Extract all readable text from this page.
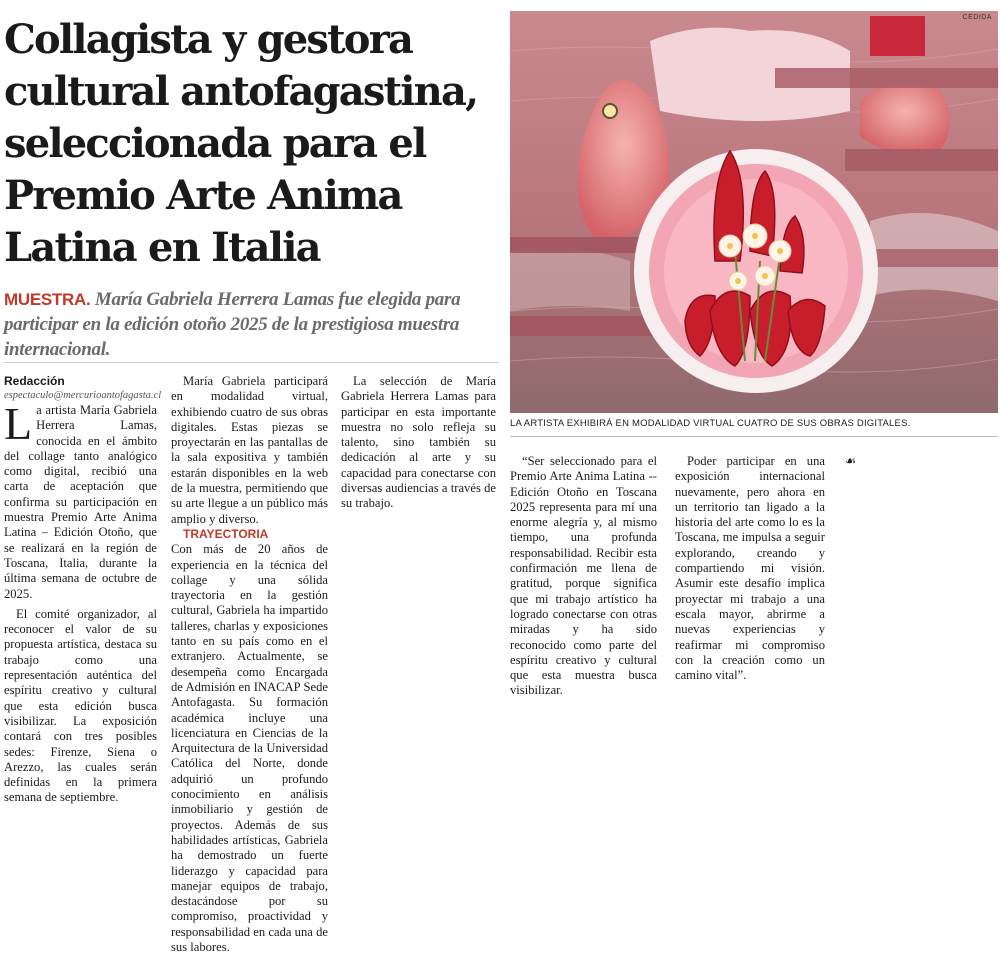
Collagista y gestora
cultural antofagastina,
seleccionada para el
Premio Arte Anima
Latina en Italia

MUESTRA. María Gabriela Herrera Lamas fue elegida para participar en la edición otoño 2025 de la prestigiosa muestra internacional.

CEDIDA
LA ARTISTA EXHIBIRÁ EN MODALIDAD VIRTUAL CUATRO DE SUS OBRAS DIGITALES.

Redacción

espectaculo@mercurioantofagasta.cl

La artista María Gabriela Herrera Lamas, conocida en el ámbito del collage tanto analógico como digital, recibió una carta de aceptación que confirma su participación en muestra Premio Arte Anima Latina – Edición Otoño, que se realizará en la región de Toscana, Italia, durante la última semana de octubre de 2025.

El comité organizador, al reconocer el valor de su propuesta artística, destaca su trabajo como una representación auténtica del espíritu creativo y cultural que esta edición busca visibilizar. La exposición contará con tres posibles sedes: Firenze, Siena o Arezzo, las cuales serán definidas en la primera semana de septiembre.

María Gabriela participará en modalidad virtual, exhibiendo cuatro de sus obras digitales. Estas piezas se proyectarán en las pantallas de la sala expositiva y también estarán disponibles en la web de la muestra, permitiendo que su arte llegue a un público más amplio y diverso.

TRAYECTORIA

Con más de 20 años de experiencia en la técnica del collage y una sólida trayectoria en la gestión cultural, Gabriela ha impartido talleres, charlas y exposiciones tanto en su país como en el extranjero. Actualmente, se desempeña como Encargada de Admisión en INACAP Sede Antofagasta. Su formación académica incluye una licenciatura en Ciencias de la Arquitectura de la Universidad Católica del Norte, donde adquirió un profundo conocimiento en análisis inmobiliario y gestión de proyectos. Además de sus habilidades artísticas, Gabriela ha demostrado un fuerte liderazgo y capacidad para manejar equipos de trabajo, destacándose por su compromiso, proactividad y responsabilidad en cada una de sus labores.

La selección de María Gabriela Herrera Lamas para participar en esta importante muestra no solo refleja su talento, sino también su dedicación al arte y su capacidad para conectarse con diversas audiencias a través de su trabajo.

“Ser seleccionado para el Premio Arte Anima Latina -- Edición Otoño en Toscana 2025 representa para mí una enorme alegría y, al mismo tiempo, una profunda responsabilidad. Recibir esta confirmación me llena de gratitud, porque significa que mi trabajo artístico ha logrado conectarse con otras miradas y ha sido reconocido como parte del espíritu creativo y cultural que esta muestra busca visibilizar.

Poder participar en una exposición internacional nuevamente, pero ahora en un territorio tan ligado a la historia del arte como lo es la Toscana, me impulsa a seguir explorando, creando y compartiendo mi visión. Asumir este desafío implica proyectar mi trabajo a una escala mayor, abrirme a nuevas experiencias y reafirmar mi compromiso con la creación como un camino vital”.

☙
